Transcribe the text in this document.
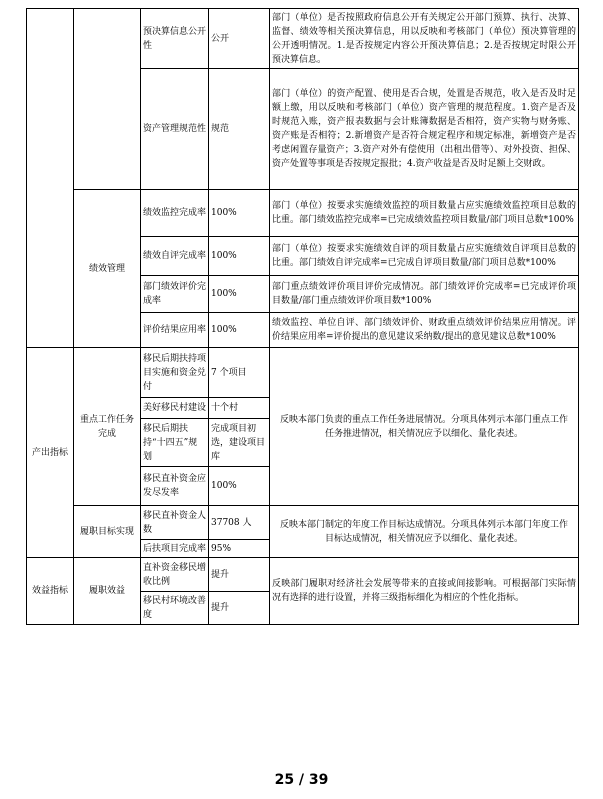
		预决算信息公开性	公开	部门（单位）是否按照政府信息公开有关规定公开部门预算、执行、决算、监督、绩效等相关预决算信息，用以反映和考核部门（单位）预决算管理的公开透明情况。1.是否按规定内容公开预决算信息；2.是否按规定时限公开预决算信息。
		资产管理规范性	规范	部门（单位）的资产配置、使用是否合规，处置是否规范，收入是否及时足额上缴，用以反映和考核部门（单位）资产管理的规范程度。1.资产是否及时规范入账，资产报表数据与会计账簿数据是否相符，资产实物与财务账、资产账是否相符；2.新增资产是否符合规定程序和规定标准，新增资产是否考虑闲置存量资产；3.资产对外有偿使用（出租出借等）、对外投资、担保、资产处置等事项是否按规定报批；4.资产收益是否及时足额上交财政。
	绩效管理	绩效监控完成率	100%	部门（单位）按要求实施绩效监控的项目数量占应实施绩效监控项目总数的比重。部门绩效监控完成率=已完成绩效监控项目数量/部门项目总数*100%
		绩效自评完成率	100%	部门（单位）按要求实施绩效自评的项目数量占应实施绩效自评项目总数的比重。部门绩效自评完成率=已完成自评项目数量/部门项目总数*100%
		部门绩效评价完成率	100%	部门重点绩效评价项目评价完成情况。部门绩效评价完成率=已完成评价项目数量/部门重点绩效评价项目数*100%
		评价结果应用率	100%	绩效监控、单位自评、部门绩效评价、财政重点绩效评价结果应用情况。评价结果应用率=评价提出的意见建议采纳数/提出的意见建议总数*100%
产出指标	重点工作任务完成	移民后期扶持项目实施和资金兑付	7 个项目	反映本部门负责的重点工作任务进展情况。分项具体列示本部门重点工作任务推进情况，相关情况应予以细化、量化表述。
		美好移民村建设	十个村	
		移民后期扶持“十四五”规划	完成项目初选，建设项目库	
		移民直补资金应发尽发率	100%	
	履职目标实现	移民直补资金人数	37708 人	反映本部门制定的年度工作目标达成情况。分项具体列示本部门年度工作目标达成情况，相关情况应予以细化、量化表述。
		后扶项目完成率	95%	
效益指标	履职效益	直补资金移民增收比例	提升	反映部门履职对经济社会发展等带来的直接或间接影响。可根据部门实际情况有选择的进行设置，并将三级指标细化为相应的个性化指标。
		移民村环境改善度	提升	
25 / 39
